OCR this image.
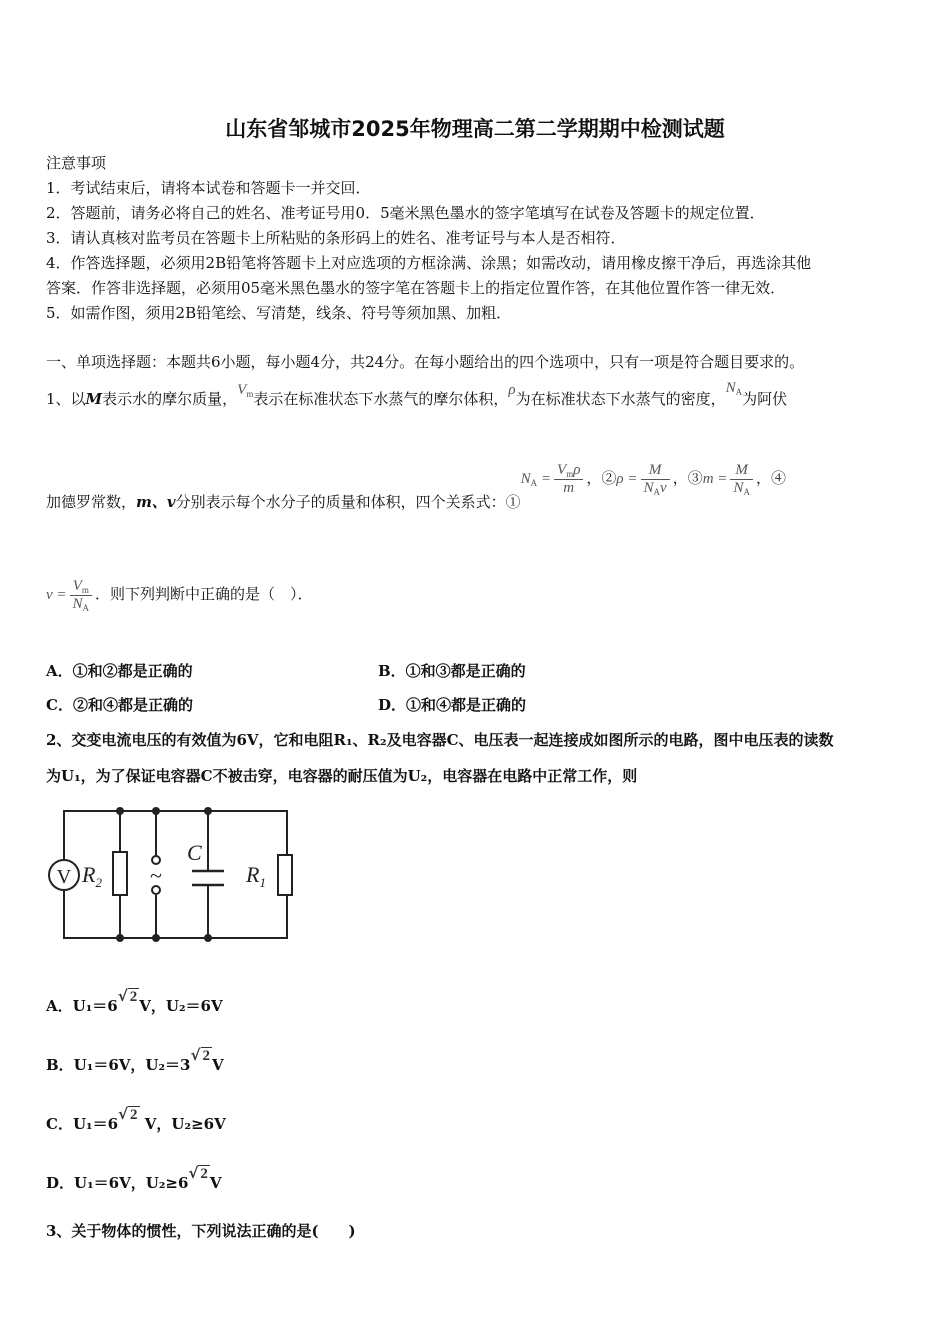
山东省邹城市2025年物理高二第二学期期中检测试题
注意事项
1．考试结束后，请将本试卷和答题卡一并交回．
2．答题前，请务必将自己的姓名、准考证号用0．5毫米黑色墨水的签字笔填写在试卷及答题卡的规定位置．
3．请认真核对监考员在答题卡上所粘贴的条形码上的姓名、准考证号与本人是否相符．
4．作答选择题，必须用2B铅笔将答题卡上对应选项的方框涂满、涂黑；如需改动，请用橡皮擦干净后，再选涂其他
答案．作答非选择题，必须用05毫米黑色墨水的签字笔在答题卡上的指定位置作答，在其他位置作答一律无效．
5．如需作图，须用2B铅笔绘、写清楚，线条、符号等须加黑、加粗．
一、单项选择题：本题共6小题，每小题4分，共24分。在每小题给出的四个选项中，只有一项是符合题目要求的。
1、以M表示水的摩尔质量，$V_m$表示在标准状态下水蒸气的摩尔体积，ρ为在标准状态下水蒸气的密度，$N_A$为阿伏
加德罗常数，m、v分别表示每个水分子的质量和体积，四个关系式：$①N_A = \frac{V_m\rho}{m}$ ，②ρ = $\frac{M}{N_Av}$ ，③m = $\frac{M}{N_A}$ ，④
$v = \frac{V_m}{N_A}$ ．则下列判断中正确的是（　）．
A．①和②都是正确的	B．①和③都是正确的
C．②和④都是正确的	D．①和④都是正确的
2、交变电流电压的有效值为6V，它和电阻R₁、R₂及电容器C、电压表一起连接成如图所示的电路，图中电压表的读数
为U₁，为了保证电容器C不被击穿，电容器的耐压值为U₂，电容器在电路中正常工作，则
V $R_2$ ~
C
$R_1$
A．U₁＝6√ 2 V，U₂＝6V
B．U₁＝6V，U₂＝3√ 2 V
C．U₁＝6√ 2 V，U₂≥6V
D．U₁＝6V，U₂≥6√ 2 V
3、关于物体的惯性，下列说法正确的是(　　)
